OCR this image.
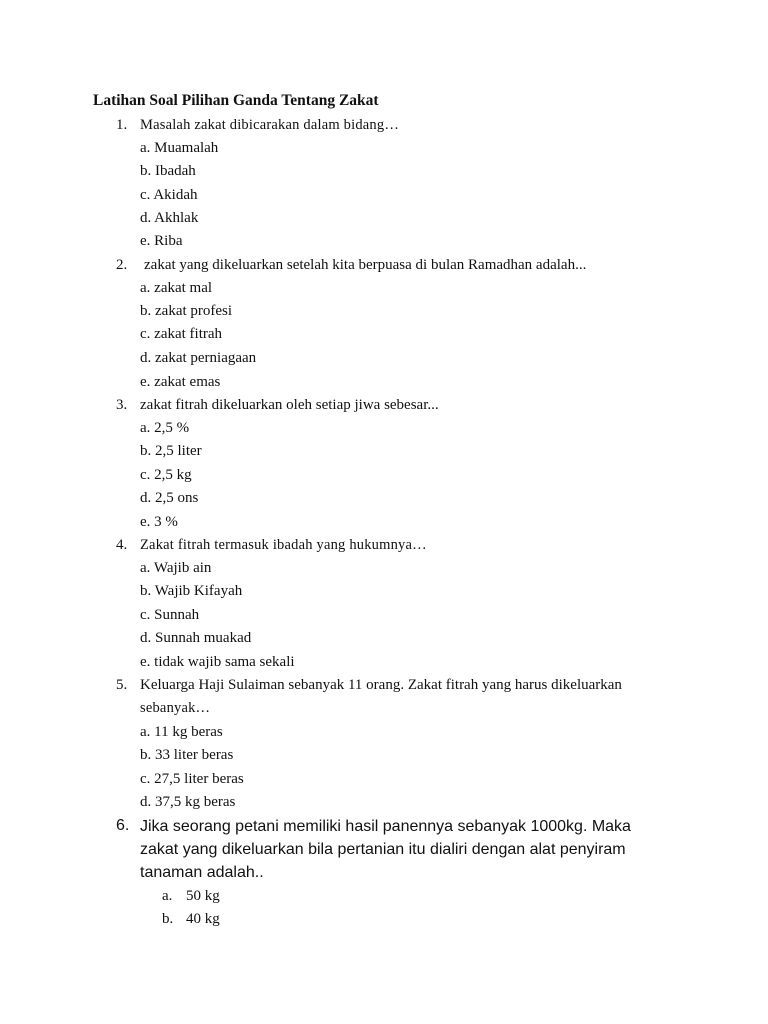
Latihan Soal Pilihan Ganda Tentang Zakat
1. Masalah zakat dibicarakan dalam bidang…
a. Muamalah
b. Ibadah
c. Akidah
d. Akhlak
e. Riba
2. zakat yang dikeluarkan setelah kita berpuasa di bulan Ramadhan adalah...
a. zakat mal
b. zakat profesi
c. zakat fitrah
d. zakat perniagaan
e. zakat emas
3. zakat fitrah dikeluarkan oleh setiap jiwa sebesar...
a. 2,5 %
b. 2,5 liter
c. 2,5 kg
d. 2,5 ons
e. 3 %
4. Zakat fitrah termasuk ibadah yang hukumnya…
a. Wajib ain
b. Wajib Kifayah
c. Sunnah
d. Sunnah muakad
e. tidak wajib sama sekali
5. Keluarga Haji Sulaiman sebanyak 11 orang. Zakat fitrah yang harus dikeluarkan
sebanyak…
a. 11 kg beras
b. 33 liter beras
c. 27,5 liter beras
d. 37,5 kg beras
6. Jika seorang petani memiliki hasil panennya sebanyak 1000kg. Maka
zakat yang dikeluarkan bila pertanian itu dialiri dengan alat penyiram
tanaman adalah..
a. 50 kg
b. 40 kg
